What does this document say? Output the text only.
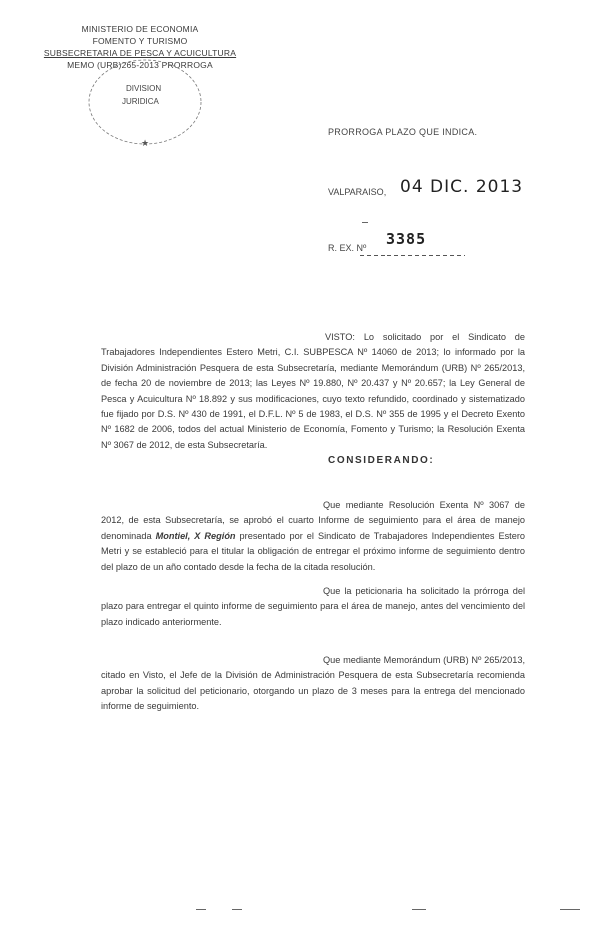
MINISTERIO DE ECONOMIA
FOMENTO Y TURISMO
SUBSECRETARIA DE PESCA Y ACUICULTURA
MEMO (URB)265-2013 PRORROGA
★
DIVISION
JURIDICA
PRORROGA PLAZO QUE INDICA.
VALPARAISO, 04 DIC. 2013
R. EX. Nº 3385

VISTO: Lo solicitado por el Sindicato de Trabajadores Independientes Estero Metri, C.I. SUBPESCA Nº 14060 de 2013; lo informado por la División Administración Pesquera de esta Subsecretaría, mediante Memorándum (URB) Nº 265/2013, de fecha 20 de noviembre de 2013; las Leyes Nº 19.880, Nº 20.437 y Nº 20.657; la Ley General de Pesca y Acuicultura Nº 18.892 y sus modificaciones, cuyo texto refundido, coordinado y sistematizado fue fijado por D.S. Nº 430 de 1991, el D.F.L. Nº 5 de 1983, el D.S. Nº 355 de 1995 y el Decreto Exento Nº 1682 de 2006, todos del actual Ministerio de Economía, Fomento y Turismo; la Resolución Exenta Nº 3067 de 2012, de esta Subsecretaría.

CONSIDERANDO:

Que mediante Resolución Exenta Nº 3067 de 2012, de esta Subsecretaría, se aprobó el cuarto Informe de seguimiento para el área de manejo denominada Montiel, X Región presentado por el Sindicato de Trabajadores Independientes Estero Metri y se estableció para el titular la obligación de entregar el próximo informe de seguimiento dentro del plazo de un año contado desde la fecha de la citada resolución.

Que la peticionaria ha solicitado la prórroga del plazo para entregar el quinto informe de seguimiento para el área de manejo, antes del vencimiento del plazo indicado anteriormente.

Que mediante Memorándum (URB) Nº 265/2013, citado en Visto, el Jefe de la División de Administración Pesquera de esta Subsecretaría recomienda aprobar la solicitud del peticionario, otorgando un plazo de 3 meses para la entrega del mencionado informe de seguimiento.
